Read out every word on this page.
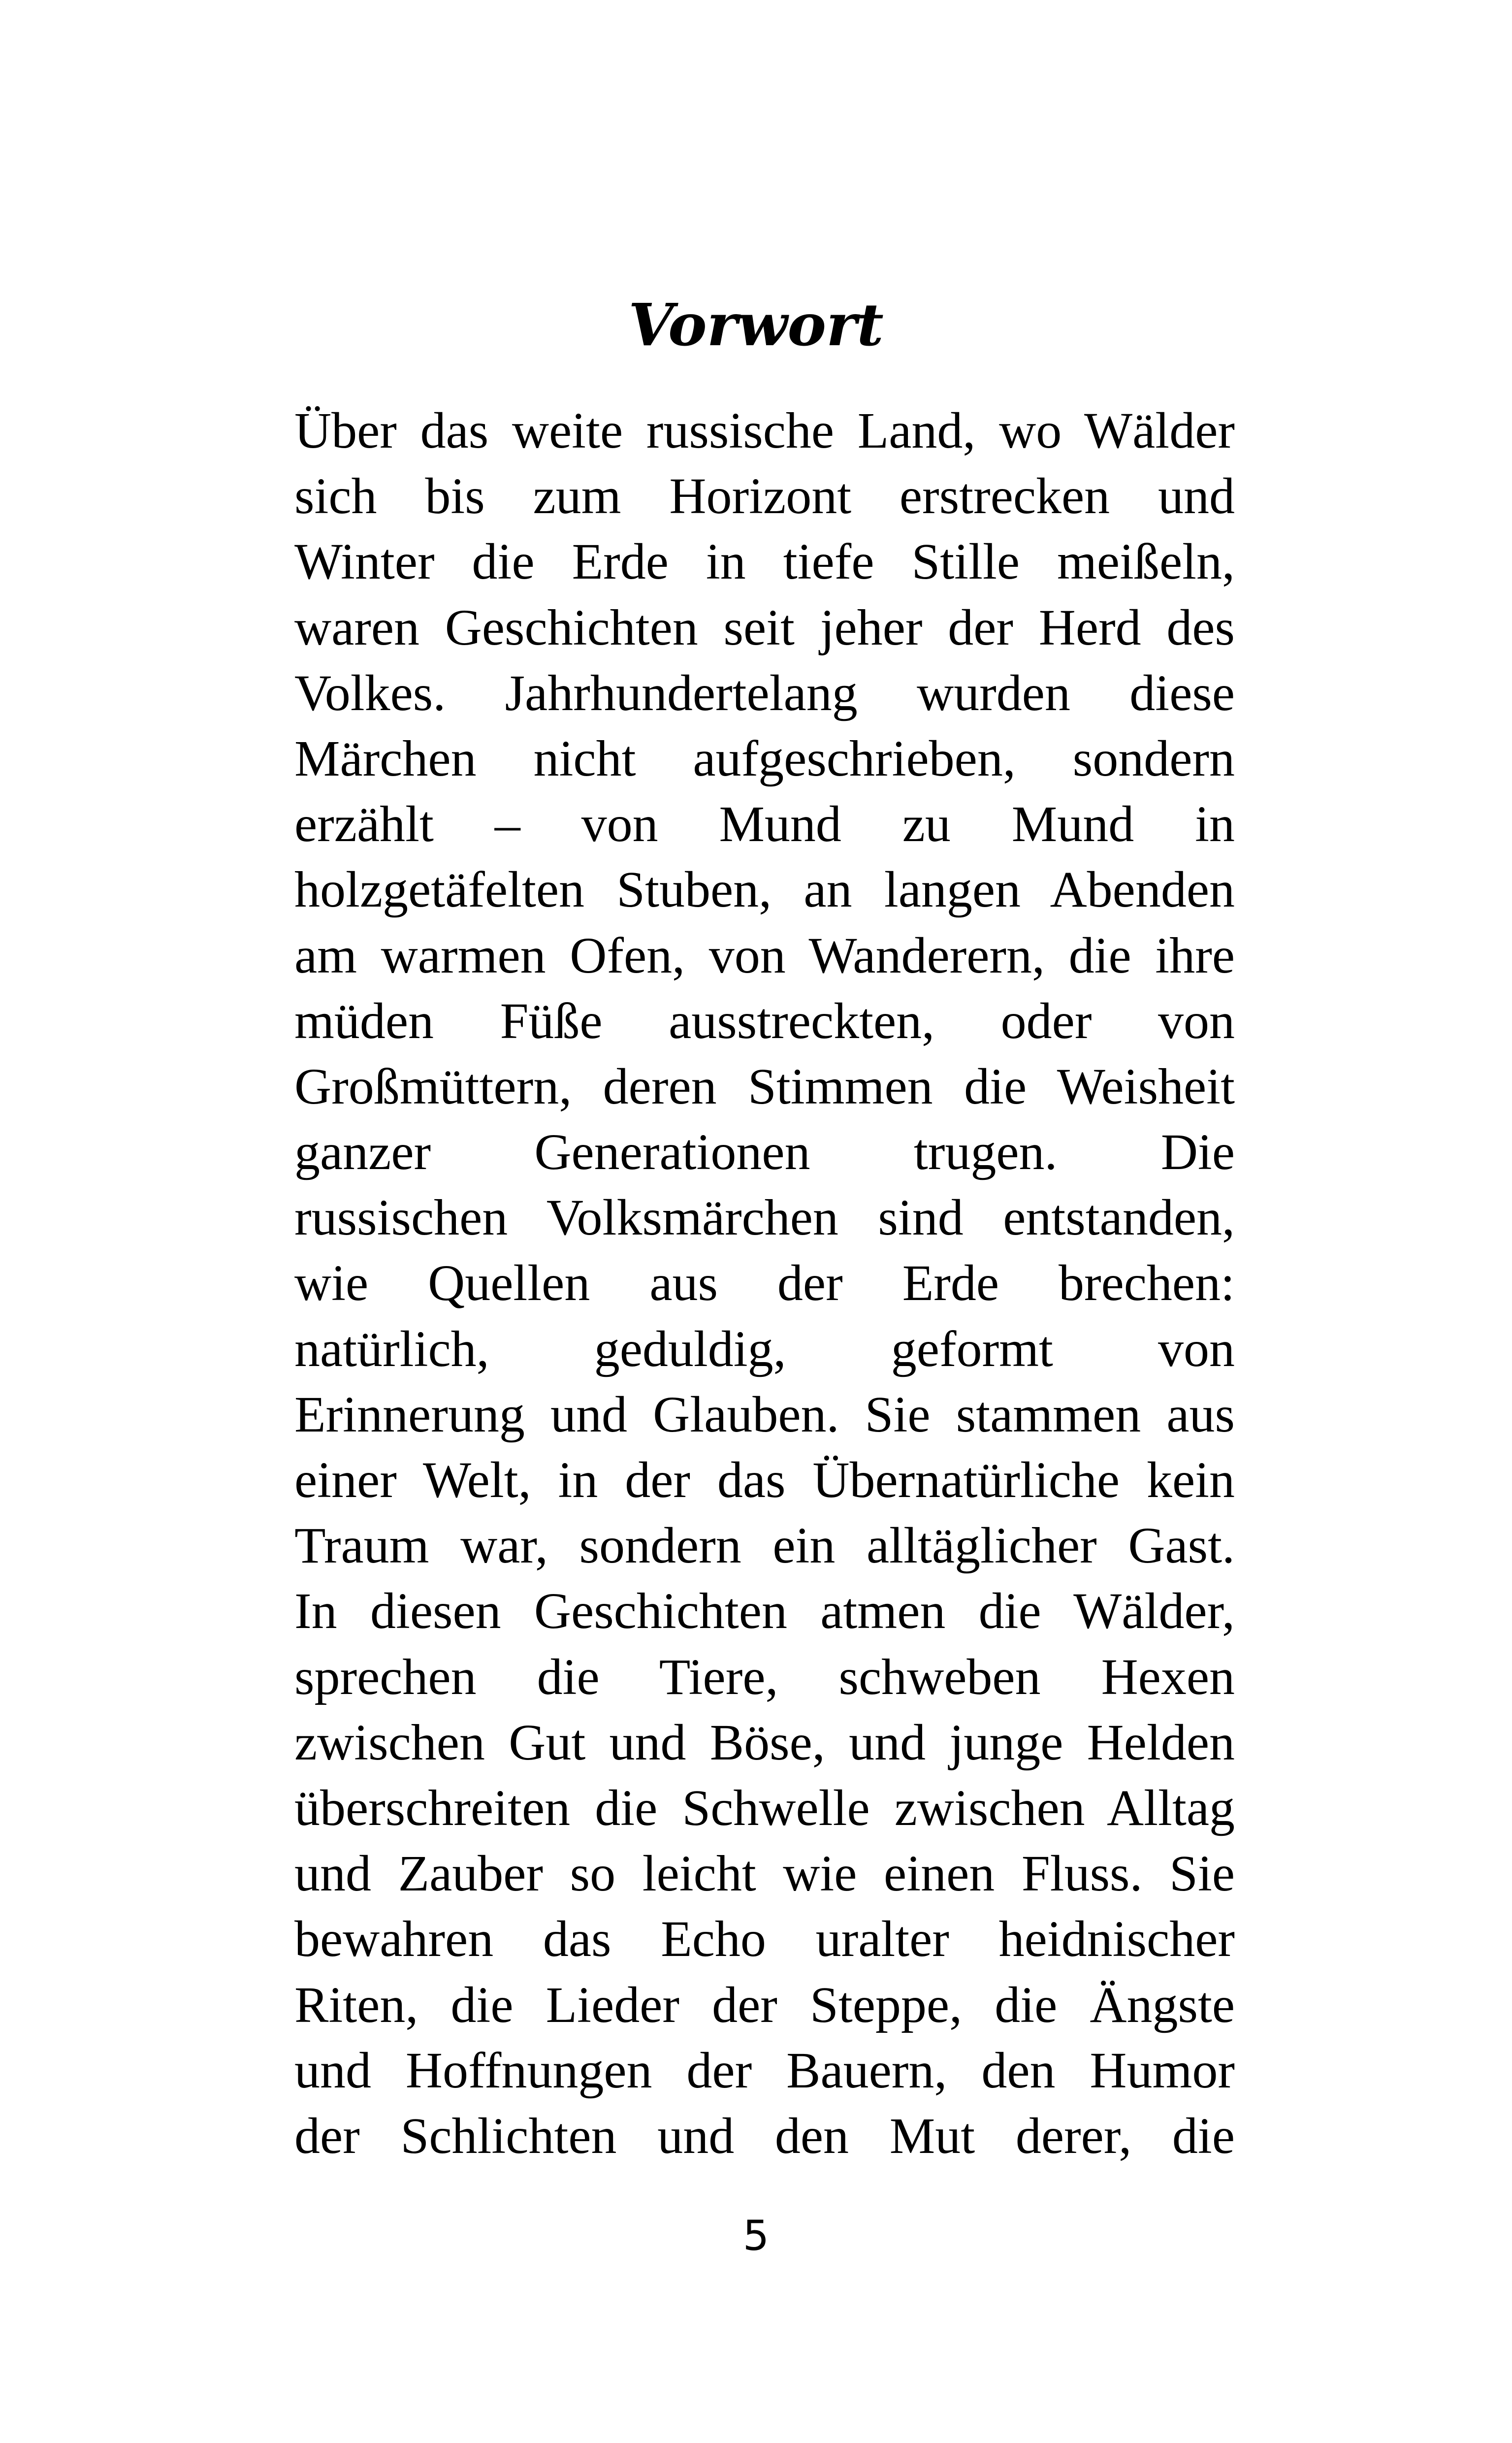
Vorwort
Über das weite russische Land, wo Wälder
sich bis zum Horizont erstrecken und
Winter die Erde in tiefe Stille meißeln,
waren Geschichten seit jeher der Herd des
Volkes. Jahrhundertelang wurden diese
Märchen nicht aufgeschrieben, sondern
erzählt – von Mund zu Mund in
holzgetäfelten Stuben, an langen Abenden
am warmen Ofen, von Wanderern, die ihre
müden Füße ausstreckten, oder von
Großmüttern, deren Stimmen die Weisheit
ganzer Generationen trugen. Die
russischen Volksmärchen sind entstanden,
wie Quellen aus der Erde brechen:
natürlich, geduldig, geformt von
Erinnerung und Glauben. Sie stammen aus
einer Welt, in der das Übernatürliche kein
Traum war, sondern ein alltäglicher Gast.
In diesen Geschichten atmen die Wälder,
sprechen die Tiere, schweben Hexen
zwischen Gut und Böse, und junge Helden
überschreiten die Schwelle zwischen Alltag
und Zauber so leicht wie einen Fluss. Sie
bewahren das Echo uralter heidnischer
Riten, die Lieder der Steppe, die Ängste
und Hoffnungen der Bauern, den Humor
der Schlichten und den Mut derer, die
5
